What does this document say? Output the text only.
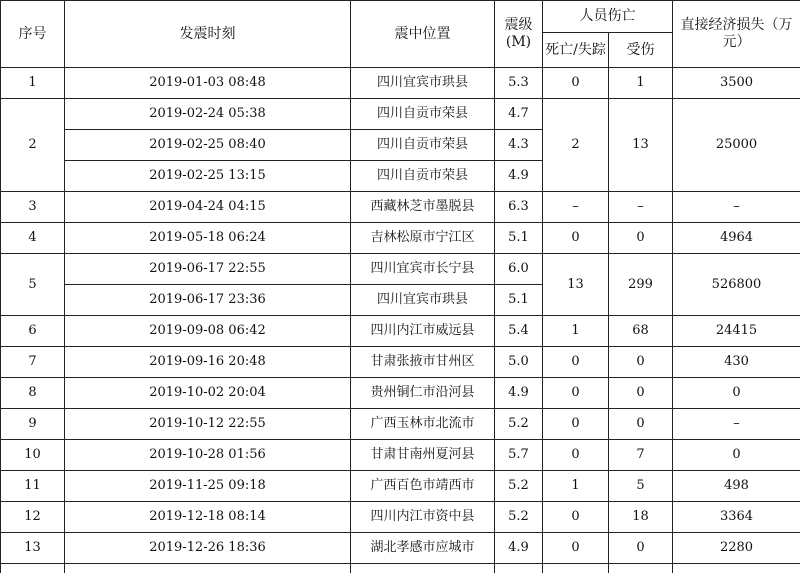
序号	发震时刻	震中位置	震级(M)	人员伤亡		直接经济损失（万元）
				死亡/失踪	受伤	
1	2019-01-03 08:48	四川宜宾市珙县	5.3	0	1	3500
2	2019-02-24 05:38	四川自贡市荣县	4.7	2	13	25000
	2019-02-25 08:40	四川自贡市荣县	4.3			
	2019-02-25 13:15	四川自贡市荣县	4.9			
3	2019-04-24 04:15	西藏林芝市墨脱县	6.3	–	–	–
4	2019-05-18 06:24	吉林松原市宁江区	5.1	0	0	4964
5	2019-06-17 22:55	四川宜宾市长宁县	6.0	13	299	526800
	2019-06-17 23:36	四川宜宾市珙县	5.1			
6	2019-09-08 06:42	四川内江市威远县	5.4	1	68	24415
7	2019-09-16 20:48	甘肃张掖市甘州区	5.0	0	0	430
8	2019-10-02 20:04	贵州铜仁市沿河县	4.9	0	0	0
9	2019-10-12 22:55	广西玉林市北流市	5.2	0	0	–
10	2019-10-28 01:56	甘肃甘南州夏河县	5.7	0	7	0
11	2019-11-25 09:18	广西百色市靖西市	5.2	1	5	498
12	2019-12-18 08:14	四川内江市资中县	5.2	0	18	3364
13	2019-12-26 18:36	湖北孝感市应城市	4.9	0	0	2280
